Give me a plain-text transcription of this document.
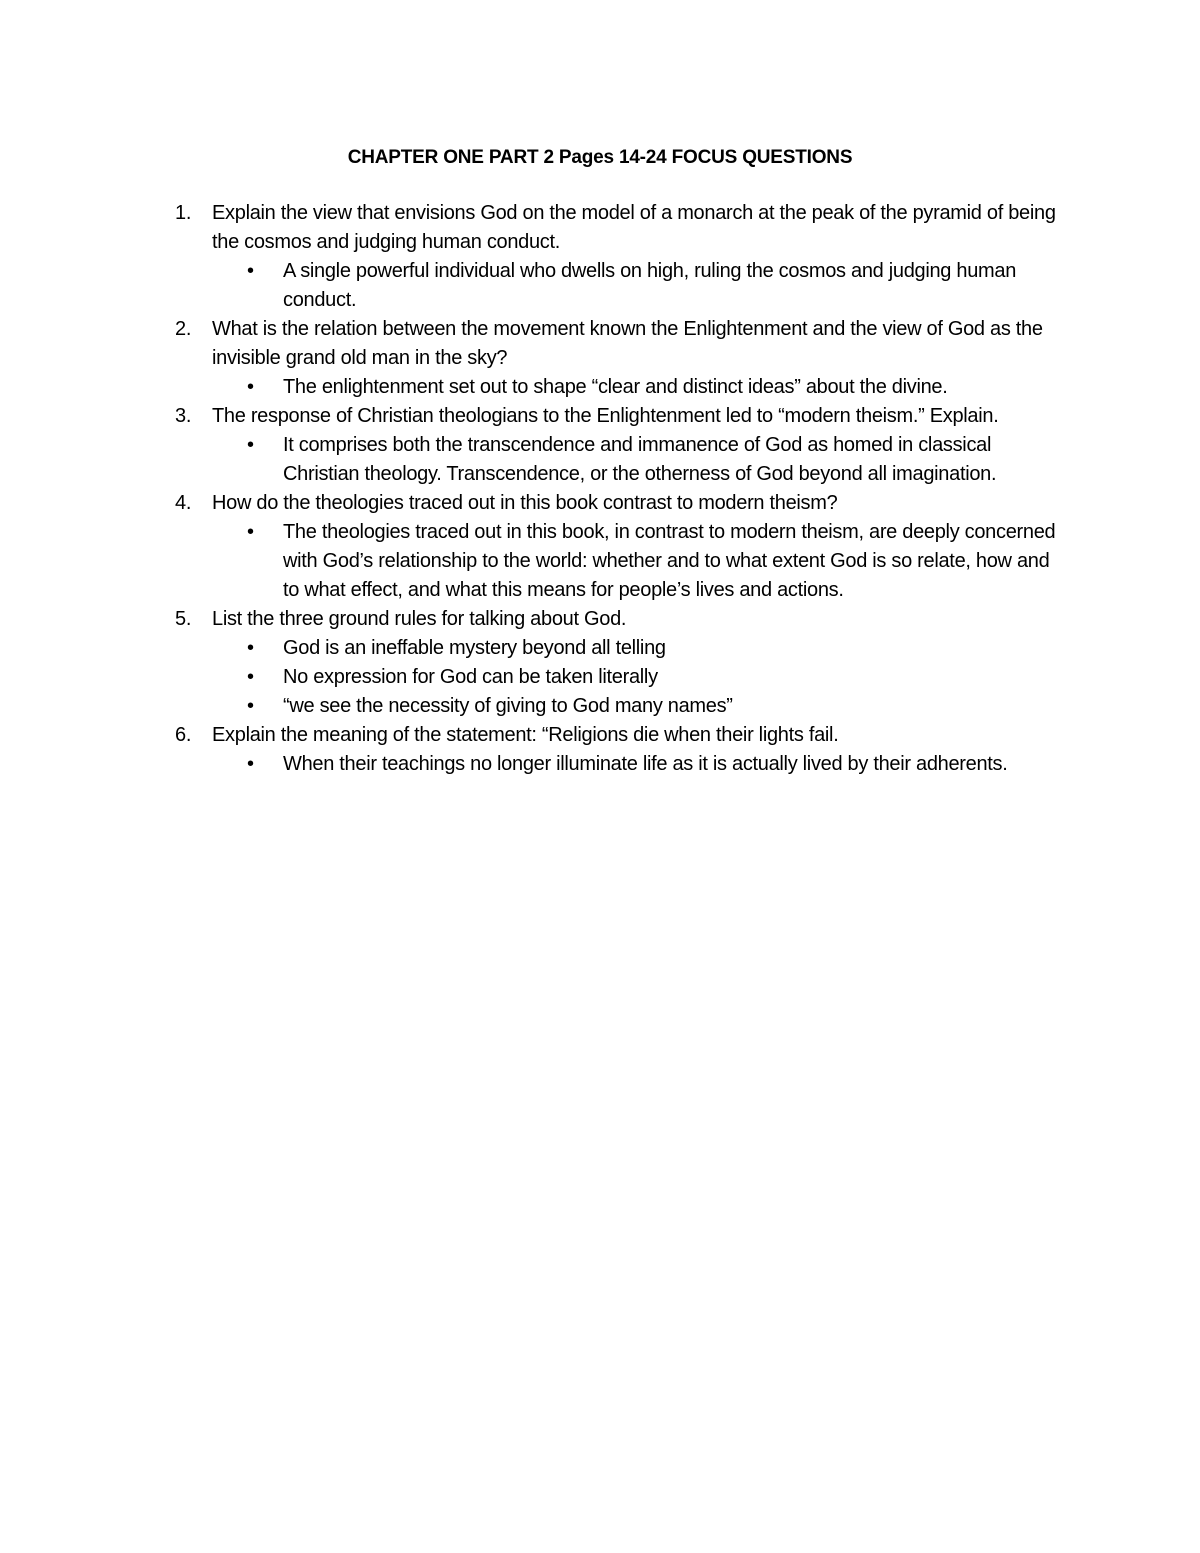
CHAPTER ONE PART 2 Pages 14-24 FOCUS QUESTIONS
1. Explain the view that envisions God on the model of a monarch at the peak of the pyramid of being the cosmos and judging human conduct.
• A single powerful individual who dwells on high, ruling the cosmos and judging human conduct.
2. What is the relation between the movement known the Enlightenment and the view of God as the invisible grand old man in the sky?
• The enlightenment set out to shape “clear and distinct ideas” about the divine.
3. The response of Christian theologians to the Enlightenment led to “modern theism.” Explain.
• It comprises both the transcendence and immanence of God as homed in classical Christian theology. Transcendence, or the otherness of God beyond all imagination.
4. How do the theologies traced out in this book contrast to modern theism?
• The theologies traced out in this book, in contrast to modern theism, are deeply concerned with God’s relationship to the world: whether and to what extent God is so relate, how and to what effect, and what this means for people’s lives and actions.
5. List the three ground rules for talking about God.
• God is an ineffable mystery beyond all telling
• No expression for God can be taken literally
• “we see the necessity of giving to God many names”
6. Explain the meaning of the statement: “Religions die when their lights fail.
• When their teachings no longer illuminate life as it is actually lived by their adherents.
